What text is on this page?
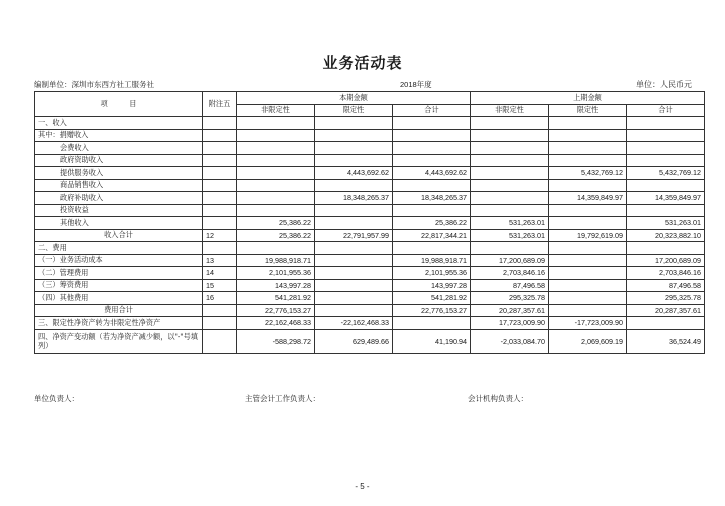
业务活动表
编制单位：深圳市东西方社工服务社	2018年度	单位：人民币元
项　　　目	附注五	本期金额			上期金额		
		非限定性	限定性	合计	非限定性	限定性	合计
一、收入							
其中：捐赠收入							
会费收入							
政府资助收入							
提供服务收入			4,443,692.62	4,443,692.62		5,432,769.12	5,432,769.12
商品销售收入							
政府补助收入			18,348,265.37	18,348,265.37		14,359,849.97	14,359,849.97
投资收益							
其他收入		25,386.22		25,386.22	531,263.01		531,263.01
收入合计	12	25,386.22	22,791,957.99	22,817,344.21	531,263.01	19,792,619.09	20,323,882.10
二、费用							
（一）业务活动成本	13	19,988,918.71		19,988,918.71	17,200,689.09		17,200,689.09
（二）管理费用	14	2,101,955.36		2,101,955.36	2,703,846.16		2,703,846.16
（三）筹资费用	15	143,997.28		143,997.28	87,496.58		87,496.58
（四）其他费用	16	541,281.92		541,281.92	295,325.78		295,325.78
费用合计		22,776,153.27		22,776,153.27	20,287,357.61		20,287,357.61
三、限定性净资产转为非限定性净资产		22,162,468.33	-22,162,468.33		17,723,009.90	-17,723,009.90	
四、净资产变动额（若为净资产减少额，以"-"号填列）		-588,298.72	629,489.66	41,190.94	-2,033,084.70	2,069,609.19	36,524.49
单位负责人：	主管会计工作负责人：	会计机构负责人：
- 5 -
